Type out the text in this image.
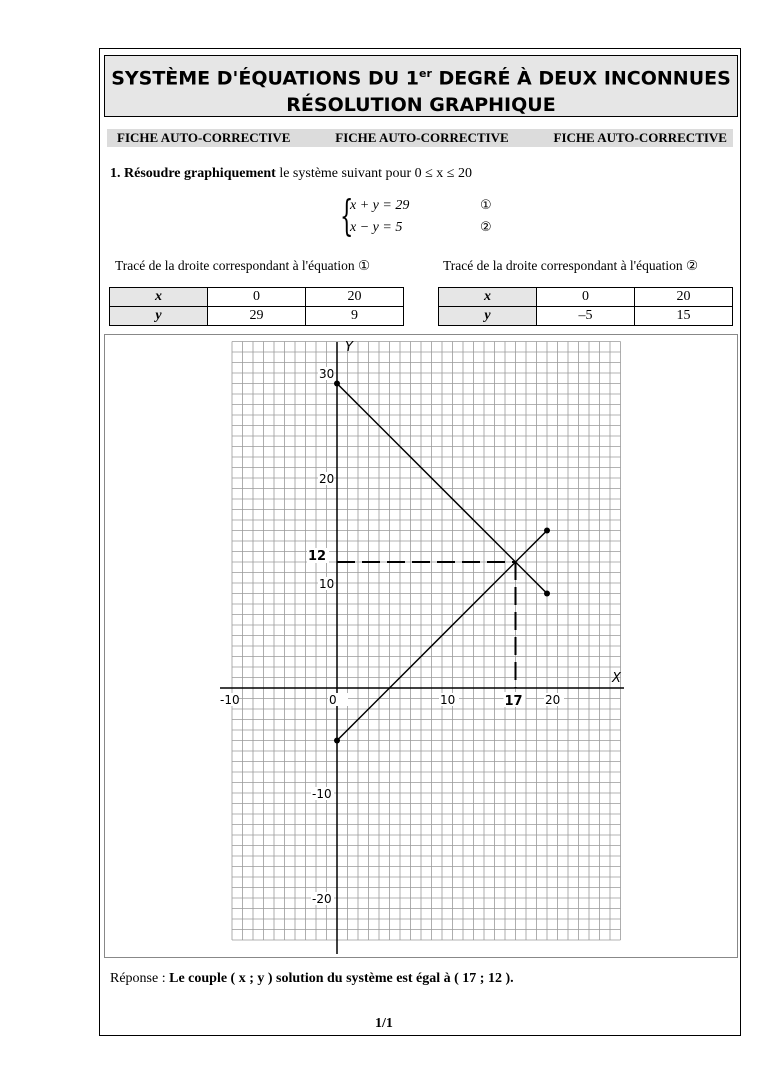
SYSTÈME D'ÉQUATIONS DU 1er DEGRÉ À DEUX INCONNUES
RÉSOLUTION GRAPHIQUE
FICHE AUTO-CORRECTIVE	FICHE AUTO-CORRECTIVE	FICHE AUTO-CORRECTIVE
1. Résoudre graphiquement le système suivant pour 0 ≤ x ≤ 20
{
x + y = 29
x − y = 5
①
②
Tracé de la droite correspondant à l'équation ①	Tracé de la droite correspondant à l'équation ②
x	0	20
y	29	9
x	0	20
y	–5	15
X
Y
-10	0	10	20
30
20
10
-10
-20
17
12
Réponse : Le couple ( x ; y ) solution du système est égal à ( 17 ; 12 ).
1/1
